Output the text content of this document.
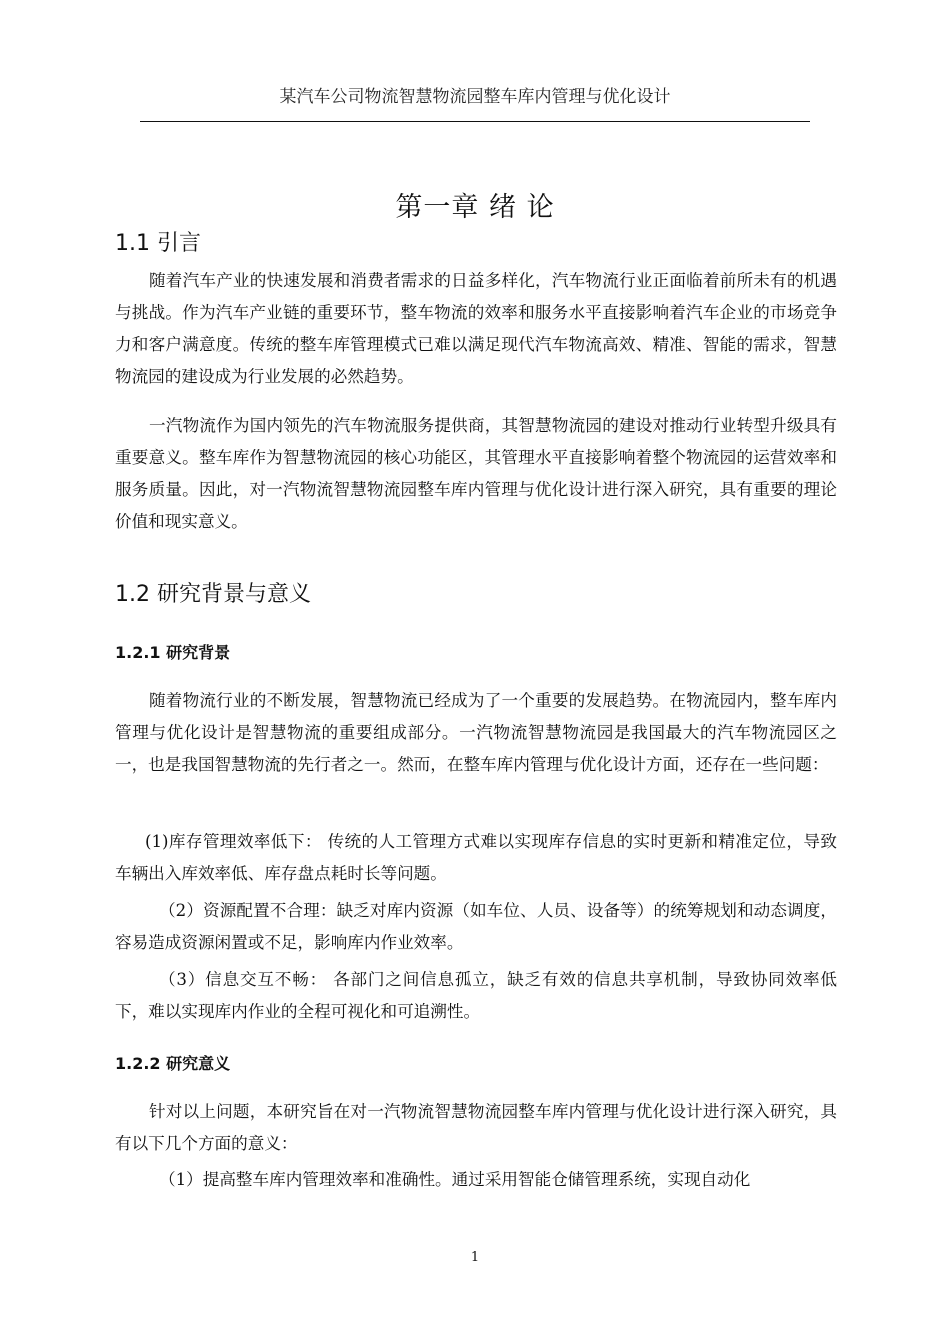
某汽车公司物流智慧物流园整车库内管理与优化设计
第一章 绪 论
1.1 引言
随着汽车产业的快速发展和消费者需求的日益多样化，汽车物流行业正面临着前所未有的机遇与挑战。作为汽车产业链的重要环节，整车物流的效率和服务水平直接影响着汽车企业的市场竞争力和客户满意度。传统的整车库管理模式已难以满足现代汽车物流高效、精准、智能的需求，智慧物流园的建设成为行业发展的必然趋势。
一汽物流作为国内领先的汽车物流服务提供商，其智慧物流园的建设对推动行业转型升级具有重要意义。整车库作为智慧物流园的核心功能区，其管理水平直接影响着整个物流园的运营效率和服务质量。因此，对一汽物流智慧物流园整车库内管理与优化设计进行深入研究，具有重要的理论价值和现实意义。
1.2 研究背景与意义
1.2.1 研究背景
随着物流行业的不断发展，智慧物流已经成为了一个重要的发展趋势。在物流园内，整车库内管理与优化设计是智慧物流的重要组成部分。一汽物流智慧物流园是我国最大的汽车物流园区之一，也是我国智慧物流的先行者之一。然而，在整车库内管理与优化设计方面，还存在一些问题：
(1)库存管理效率低下： 传统的人工管理方式难以实现库存信息的实时更新和精准定位，导致车辆出入库效率低、库存盘点耗时长等问题。
（2）资源配置不合理：缺乏对库内资源（如车位、人员、设备等）的统筹规划和动态调度，容易造成资源闲置或不足，影响库内作业效率。
（3）信息交互不畅： 各部门之间信息孤立，缺乏有效的信息共享机制，导致协同效率低下，难以实现库内作业的全程可视化和可追溯性。
1.2.2 研究意义
针对以上问题，本研究旨在对一汽物流智慧物流园整车库内管理与优化设计进行深入研究，具有以下几个方面的意义：
（1）提高整车库内管理效率和准确性。通过采用智能仓储管理系统，实现自动化
1
